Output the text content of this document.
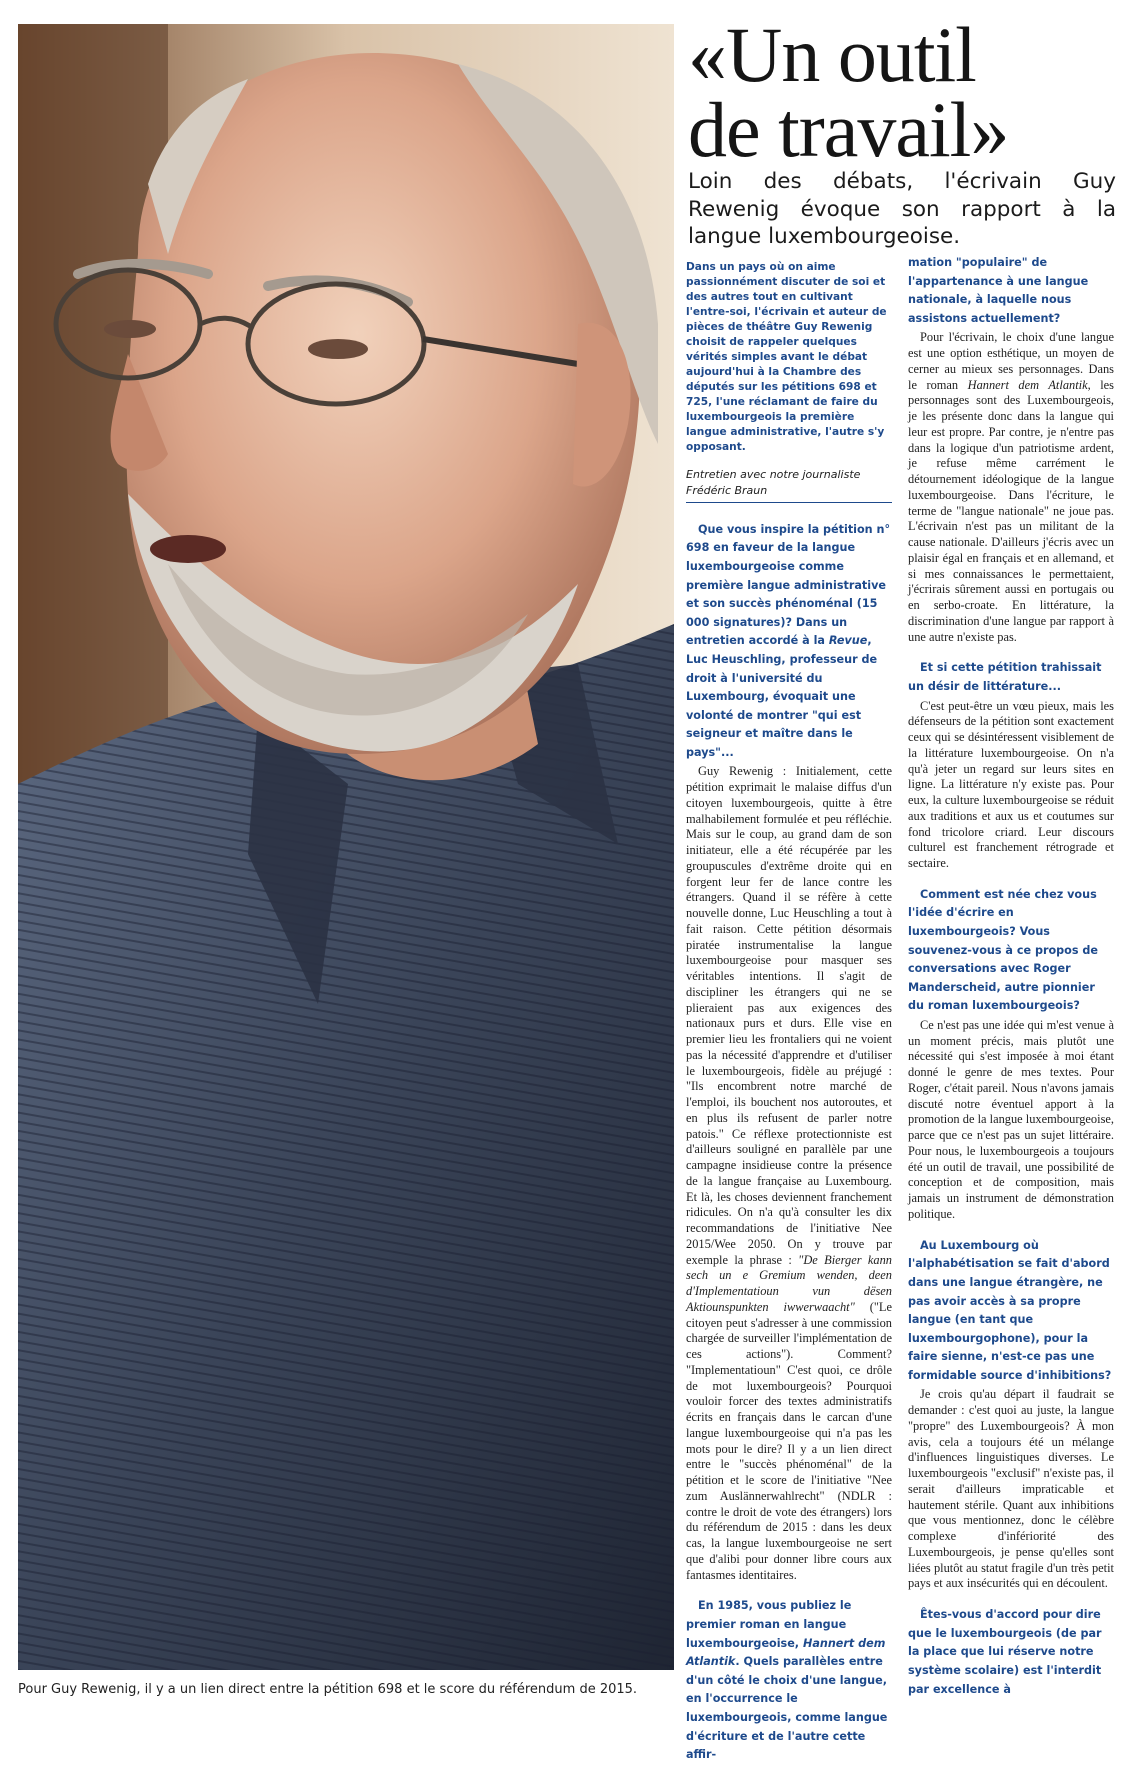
Pour Guy Rewenig, il y a un lien direct entre la pétition 698 et le score du référendum de 2015.
«Un outil
de travail»

Loin des débats, l'écrivain Guy Rewenig évoque son rapport à la langue luxembourgeoise.

Dans un pays où on aime passionnément discuter de soi et des autres tout en cultivant l'entre-soi, l'écrivain et auteur de pièces de théâtre Guy Rewenig choisit de rappeler quelques vérités simples avant le débat aujourd'hui à la Chambre des députés sur les pétitions 698 et 725, l'une réclamant de faire du luxembourgeois la première langue administrative, l'autre s'y opposant.

Entretien avec notre journaliste
Frédéric Braun

Que vous inspire la pétition n° 698 en faveur de la langue luxembourgeoise comme première langue administrative et son succès phénoménal (15 000 signatures)? Dans un entretien accordé à la Revue, Luc Heuschling, professeur de droit à l'université du Luxembourg, évoquait une volonté de montrer "qui est seigneur et maître dans le pays"...

Guy Rewenig : Initialement, cette pétition exprimait le malaise diffus d'un citoyen luxembourgeois, quitte à être malhabilement formulée et peu réfléchie. Mais sur le coup, au grand dam de son initiateur, elle a été récupérée par les groupuscules d'extrême droite qui en forgent leur fer de lance contre les étrangers. Quand il se réfère à cette nouvelle donne, Luc Heuschling a tout à fait raison. Cette pétition désormais piratée instrumentalise la langue luxembourgeoise pour masquer ses véritables intentions. Il s'agit de discipliner les étrangers qui ne se plieraient pas aux exigences des nationaux purs et durs. Elle vise en premier lieu les frontaliers qui ne voient pas la nécessité d'apprendre et d'utiliser le luxembourgeois, fidèle au préjugé : "Ils encombrent notre marché de l'emploi, ils bouchent nos autoroutes, et en plus ils refusent de parler notre patois." Ce réflexe protectionniste est d'ailleurs souligné en parallèle par une campagne insidieuse contre la présence de la langue française au Luxembourg. Et là, les choses deviennent franchement ridicules. On n'a qu'à consulter les dix recommandations de l'initiative Nee 2015/Wee 2050. On y trouve par exemple la phrase : "De Bierger kann sech un e Gremium wenden, deen d'Implementatioun vun dësen Aktiounspunkten iwwerwaacht" ("Le citoyen peut s'adresser à une commission chargée de surveiller l'implémentation de ces actions"). Comment? "Implementatioun" C'est quoi, ce drôle de mot luxembourgeois? Pourquoi vouloir forcer des textes administratifs écrits en français dans le carcan d'une langue luxembourgeoise qui n'a pas les mots pour le dire? Il y a un lien direct entre le "succès phénoménal" de la pétition et le score de l'initiative "Nee zum Auslännerwahlrecht" (NDLR : contre le droit de vote des étrangers) lors du référendum de 2015 : dans les deux cas, la langue luxembourgeoise ne sert que d'alibi pour donner libre cours aux fantasmes identitaires.

En 1985, vous publiez le premier roman en langue luxembourgeoise, Hannert dem Atlantik. Quels parallèles entre d'un côté le choix d'une langue, en l'occurrence le luxembourgeois, comme langue d'écriture et de l'autre cette affir-

mation "populaire" de l'appartenance à une langue nationale, à laquelle nous assistons actuellement?

Pour l'écrivain, le choix d'une langue est une option esthétique, un moyen de cerner au mieux ses personnages. Dans le roman Hannert dem Atlantik, les personnages sont des Luxembourgeois, je les présente donc dans la langue qui leur est propre. Par contre, je n'entre pas dans la logique d'un patriotisme ardent, je refuse même carrément le détournement idéologique de la langue luxembourgeoise. Dans l'écriture, le terme de "langue nationale" ne joue pas. L'écrivain n'est pas un militant de la cause nationale. D'ailleurs j'écris avec un plaisir égal en français et en allemand, et si mes connaissances le permettaient, j'écrirais sûrement aussi en portugais ou en serbo-croate. En littérature, la discrimination d'une langue par rapport à une autre n'existe pas.

Et si cette pétition trahissait un désir de littérature...

C'est peut-être un vœu pieux, mais les défenseurs de la pétition sont exactement ceux qui se désintéressent visiblement de la littérature luxembourgeoise. On n'a qu'à jeter un regard sur leurs sites en ligne. La littérature n'y existe pas. Pour eux, la culture luxembourgeoise se réduit aux traditions et aux us et coutumes sur fond tricolore criard. Leur discours culturel est franchement rétrograde et sectaire.

Comment est née chez vous l'idée d'écrire en luxembourgeois? Vous souvenez-vous à ce propos de conversations avec Roger Manderscheid, autre pionnier du roman luxembourgeois?

Ce n'est pas une idée qui m'est venue à un moment précis, mais plutôt une nécessité qui s'est imposée à moi étant donné le genre de mes textes. Pour Roger, c'était pareil. Nous n'avons jamais discuté notre éventuel apport à la promotion de la langue luxembourgeoise, parce que ce n'est pas un sujet littéraire. Pour nous, le luxembourgeois a toujours été un outil de travail, une possibilité de conception et de composition, mais jamais un instrument de démonstration politique.

Au Luxembourg où l'alphabétisation se fait d'abord dans une langue étrangère, ne pas avoir accès à sa propre langue (en tant que luxembourgophone), pour la faire sienne, n'est-ce pas une formidable source d'inhibitions?

Je crois qu'au départ il faudrait se demander : c'est quoi au juste, la langue "propre" des Luxembourgeois? À mon avis, cela a toujours été un mélange d'influences linguistiques diverses. Le luxembourgeois "exclusif" n'existe pas, il serait d'ailleurs impraticable et hautement stérile. Quant aux inhibitions que vous mentionnez, donc le célèbre complexe d'infériorité des Luxembourgeois, je pense qu'elles sont liées plutôt au statut fragile d'un très petit pays et aux insécurités qui en découlent.

Êtes-vous d'accord pour dire que le luxembourgeois (de par la place que lui réserve notre système scolaire) est l'interdit par excellence à
